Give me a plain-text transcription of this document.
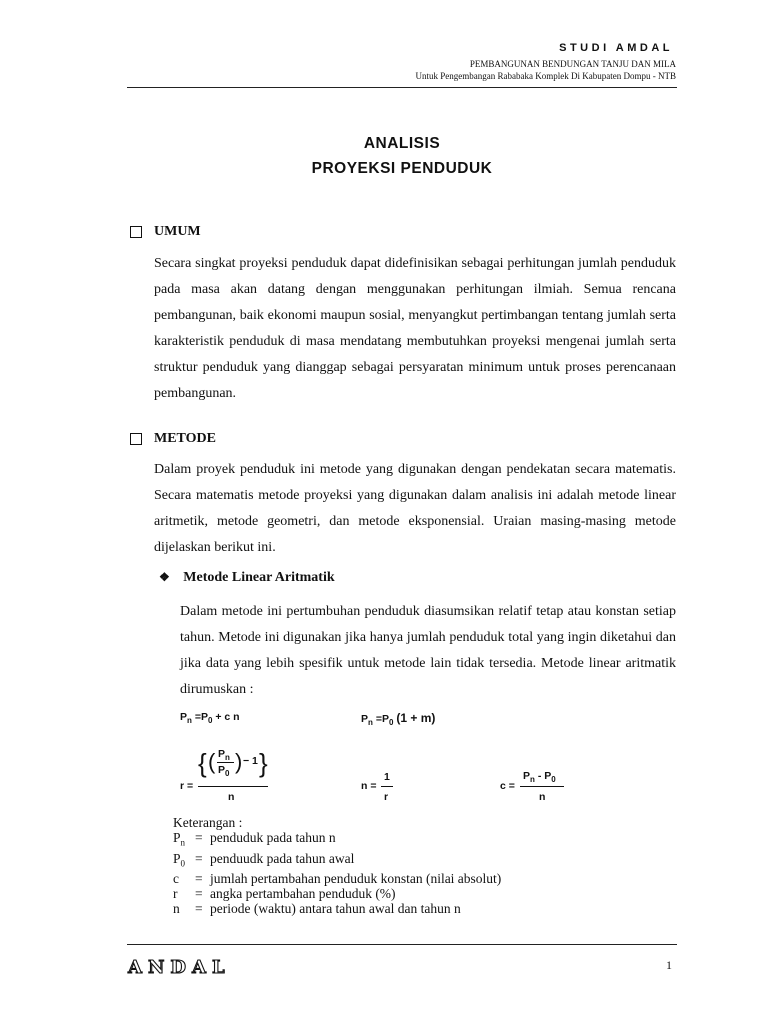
STUDI AMDAL
PEMBANGUNAN BENDUNGAN TANJU DAN MILA
Untuk Pengembangan Rababaka Komplek Di Kabupaten Dompu - NTB
ANALISIS
PROYEKSI PENDUDUK
UMUM
Secara singkat proyeksi penduduk dapat didefinisikan sebagai perhitungan jumlah penduduk pada masa akan datang dengan menggunakan perhitungan ilmiah. Semua rencana pembangunan, baik ekonomi maupun sosial, menyangkut pertimbangan tentang jumlah serta karakteristik penduduk di masa mendatang membutuhkan proyeksi mengenai jumlah serta struktur penduduk yang dianggap sebagai persyaratan minimum untuk proses perencanaan pembangunan.
METODE
Dalam proyek penduduk ini metode yang digunakan dengan pendekatan secara matematis. Secara matematis metode proyeksi yang digunakan dalam analisis ini adalah metode linear aritmetik, metode geometri, dan metode eksponensial. Uraian masing-masing metode dijelaskan berikut ini.
❖ Metode Linear Aritmatik
Dalam metode ini pertumbuhan penduduk diasumsikan relatif tetap atau konstan setiap tahun. Metode ini digunakan jika hanya jumlah penduduk total yang ingin diketahui dan jika data yang lebih spesifik untuk metode lain tidak tersedia. Metode linear aritmatik dirumuskan :
$P_n =P_0 + c$ n	$P_n =P_0$ (1 + m)
r =
{ ( $P_n$
$P_0$ ) − 1 }
n
n =
1
r
c =
$P_n - P_0$
n
Keterangan :
$P_n$ = penduduk pada tahun n
$P_0$ = penduudk pada tahun awal
c = jumlah pertambahan penduduk konstan (nilai absolut)
r = angka pertambahan penduduk (%)
n = periode (waktu) antara tahun awal dan tahun n
ANDAL	1
